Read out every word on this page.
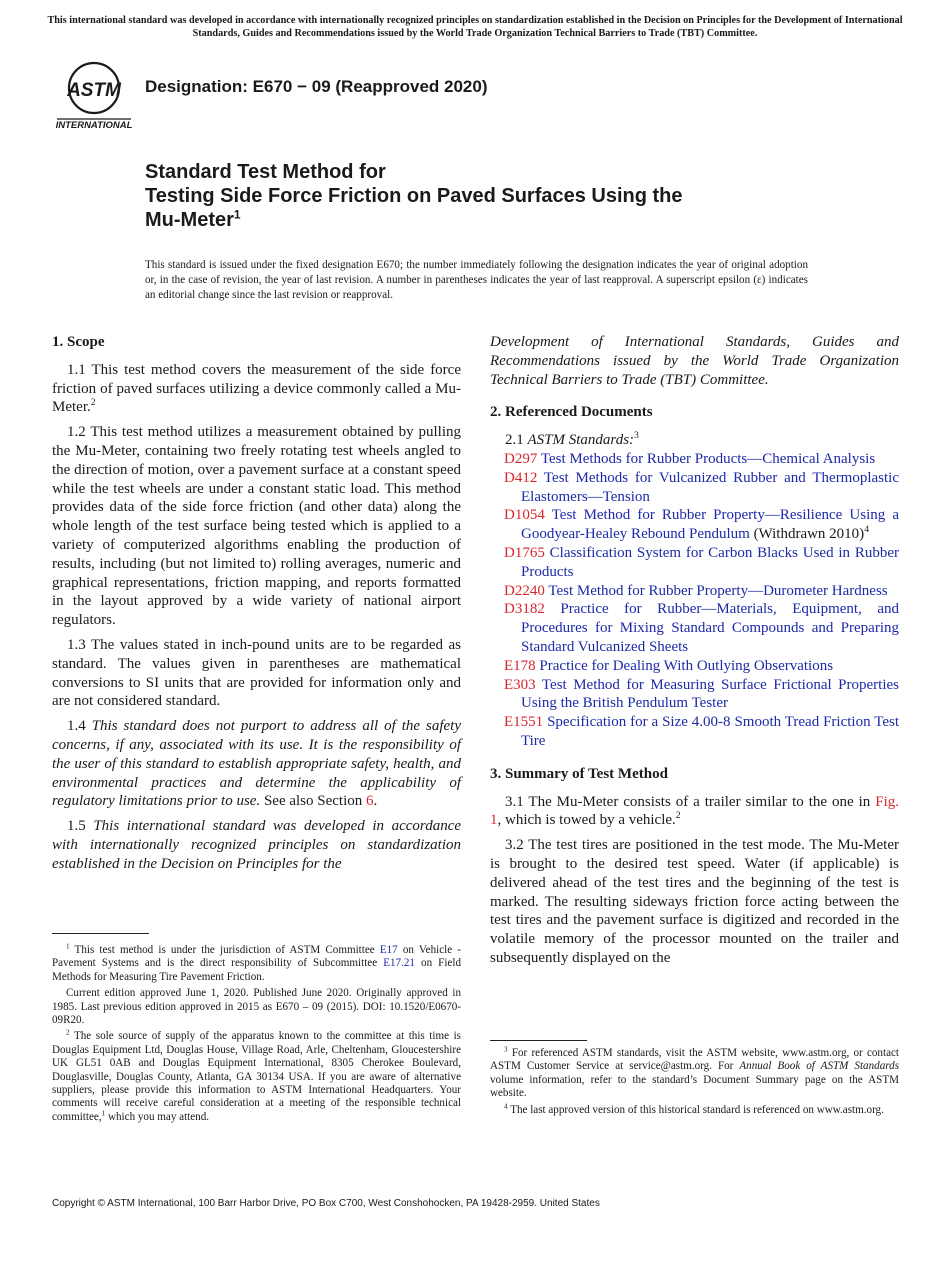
This international standard was developed in accordance with internationally recognized principles on standardization established in the Decision on Principles for the Development of International Standards, Guides and Recommendations issued by the World Trade Organization Technical Barriers to Trade (TBT) Committee.
ASTM
INTERNATIONAL
Designation: E670 − 09 (Reapproved 2020)
Standard Test Method for
Testing Side Force Friction on Paved Surfaces Using the
Mu-Meter$^1$
This standard is issued under the fixed designation E670; the number immediately following the designation indicates the year of original adoption or, in the case of revision, the year of last revision. A number in parentheses indicates the year of last reapproval. A superscript epsilon (ε) indicates an editorial change since the last revision or reapproval.
1. Scope

1.1 This test method covers the measurement of the side force friction of paved surfaces utilizing a device commonly called a Mu-Meter.$^2$

1.2 This test method utilizes a measurement obtained by pulling the Mu-Meter, containing two freely rotating test wheels angled to the direction of motion, over a pavement surface at a constant speed while the test wheels are under a constant static load. This method provides data of the side force friction (and other data) along the whole length of the test surface being tested which is applied to a variety of computerized algorithms enabling the production of results, including (but not limited to) rolling averages, numeric and graphical representations, friction mapping, and reports formatted in the layout approved by a wide variety of national airport regulators.

1.3 The values stated in inch-pound units are to be regarded as standard. The values given in parentheses are mathematical conversions to SI units that are provided for information only and are not considered standard.

1.4 This standard does not purport to address all of the safety concerns, if any, associated with its use. It is the responsibility of the user of this standard to establish appropriate safety, health, and environmental practices and determine the applicability of regulatory limitations prior to use. See also Section 6.

1.5 This international standard was developed in accordance with internationally recognized principles on standardization established in the Decision on Principles for the

$^1$ This test method is under the jurisdiction of ASTM Committee E17 on Vehicle - Pavement Systems and is the direct responsibility of Subcommittee E17.21 on Field Methods for Measuring Tire Pavement Friction.

Current edition approved June 1, 2020. Published June 2020. Originally approved in 1985. Last previous edition approved in 2015 as E670 – 09 (2015). DOI: 10.1520/E0670-09R20.

$^2$ The sole source of supply of the apparatus known to the committee at this time is Douglas Equipment Ltd, Douglas House, Village Road, Arle, Cheltenham, Gloucestershire UK GL51 0AB and Douglas Equipment International, 8305 Cherokee Boulevard, Douglasville, Douglas County, Atlanta, GA 30134 USA. If you are aware of alternative suppliers, please provide this information to ASTM International Headquarters. Your comments will receive careful consideration at a meeting of the responsible technical committee,$^1$ which you may attend.

Development of International Standards, Guides and Recommendations issued by the World Trade Organization Technical Barriers to Trade (TBT) Committee.

2. Referenced Documents

2.1 ASTM Standards:$^3$

D297 Test Methods for Rubber Products—Chemical Analysis
D412 Test Methods for Vulcanized Rubber and Thermoplastic Elastomers—Tension
D1054 Test Method for Rubber Property—Resilience Using a Goodyear-Healey Rebound Pendulum (Withdrawn 2010)$^4$
D1765 Classification System for Carbon Blacks Used in Rubber Products
D2240 Test Method for Rubber Property—Durometer Hardness
D3182 Practice for Rubber—Materials, Equipment, and Procedures for Mixing Standard Compounds and Preparing Standard Vulcanized Sheets
E178 Practice for Dealing With Outlying Observations
E303 Test Method for Measuring Surface Frictional Properties Using the British Pendulum Tester
E1551 Specification for a Size 4.00-8 Smooth Tread Friction Test Tire
3. Summary of Test Method

3.1 The Mu-Meter consists of a trailer similar to the one in Fig. 1, which is towed by a vehicle.$^2$

3.2 The test tires are positioned in the test mode. The Mu-Meter is brought to the desired test speed. Water (if applicable) is delivered ahead of the test tires and the beginning of the test is marked. The resulting sideways friction force acting between the test tires and the pavement surface is digitized and recorded in the volatile memory of the processor mounted on the trailer and subsequently displayed on the

$^3$ For referenced ASTM standards, visit the ASTM website, www.astm.org, or contact ASTM Customer Service at service@astm.org. For Annual Book of ASTM Standards volume information, refer to the standard’s Document Summary page on the ASTM website.

$^4$ The last approved version of this historical standard is referenced on www.astm.org.

Copyright © ASTM International, 100 Barr Harbor Drive, PO Box C700, West Conshohocken, PA 19428-2959. United States
